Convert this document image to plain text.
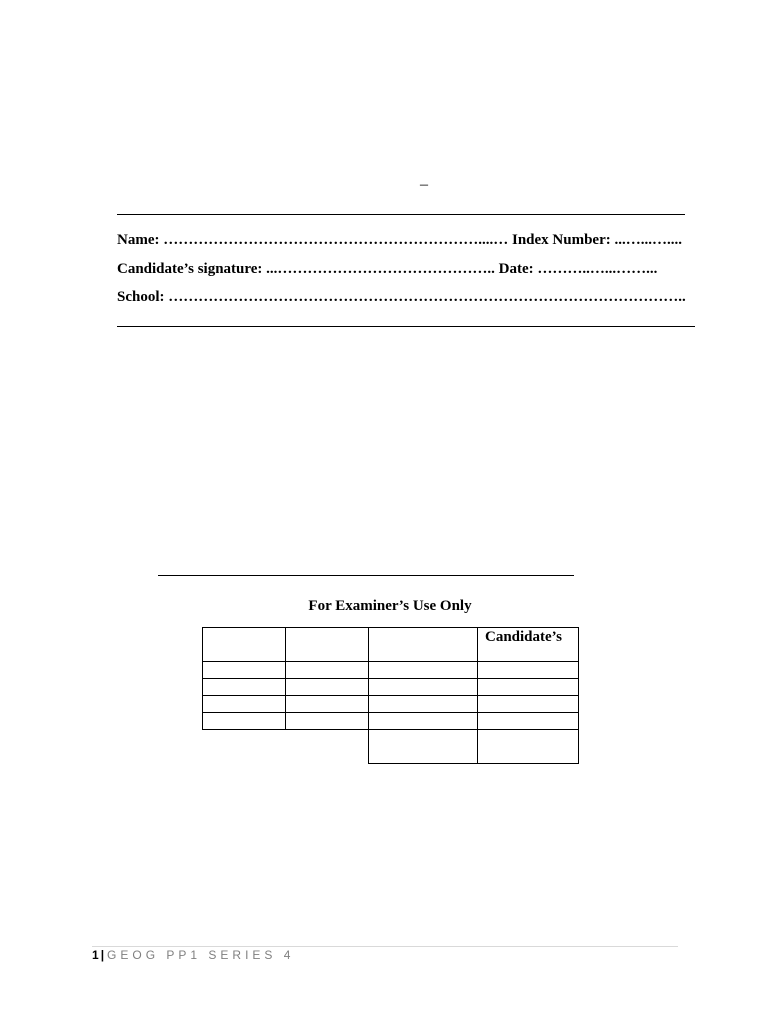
–
Name: ………………………………………………………....… Index Number: ...…...…....
Candidate’s signature: ...…………………………………….. Date: ………..…...……...
School: …………………………………………………………………………………………..
For Examiner’s Use Only

			Candidate’s

1 | GEOG PP1 SERIES 4
